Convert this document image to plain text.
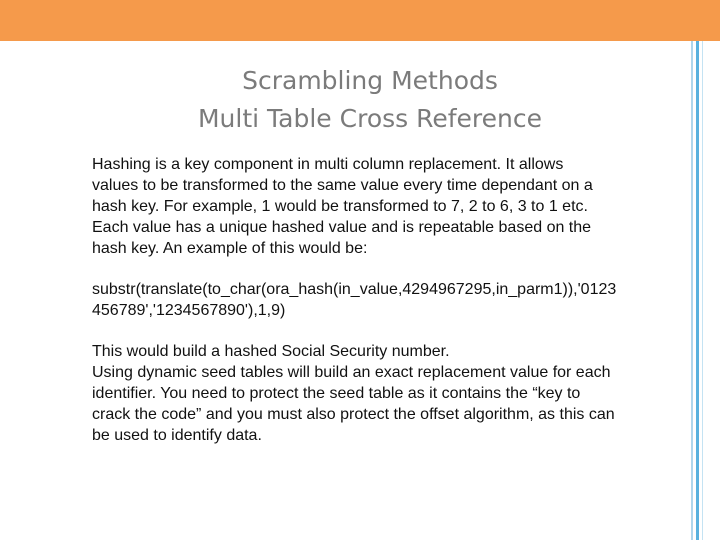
Scrambling Methods
Multi Table Cross Reference

Hashing is a key component in multi column replacement. It allows
values to be transformed to the same value every time dependant on a
hash key. For example, 1 would be transformed to 7, 2 to 6, 3 to 1 etc.
Each value has a unique hashed value and is repeatable based on the
hash key. An example of this would be:

substr(translate(to_char(ora_hash(in_value,4294967295,in_parm1)),'0123
456789','1234567890'),1,9)

This would build a hashed Social Security number.
Using dynamic seed tables will build an exact replacement value for each
identifier. You need to protect the seed table as it contains the “key to
crack the code” and you must also protect the offset algorithm, as this can
be used to identify data.
